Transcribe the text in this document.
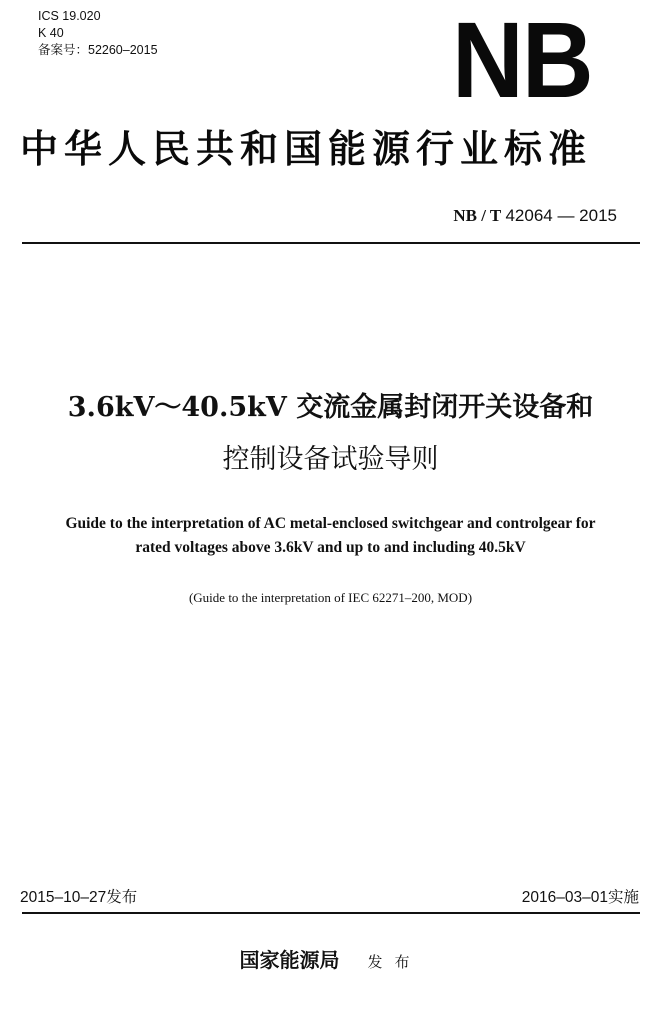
ICS 19.020
K 40
备案号：52260–2015	NB
中华人民共和国能源行业标准
NB / T 42064 — 2015
3.6kV～40.5kV 交流金属封闭开关设备和
控制设备试验导则
Guide to the interpretation of AC metal-enclosed switchgear and controlgear for
rated voltages above 3.6kV and up to and including 40.5kV
(Guide to the interpretation of IEC 62271–200, MOD)
2015–10–27发布	2016–03–01实施
国家能源局 发布
